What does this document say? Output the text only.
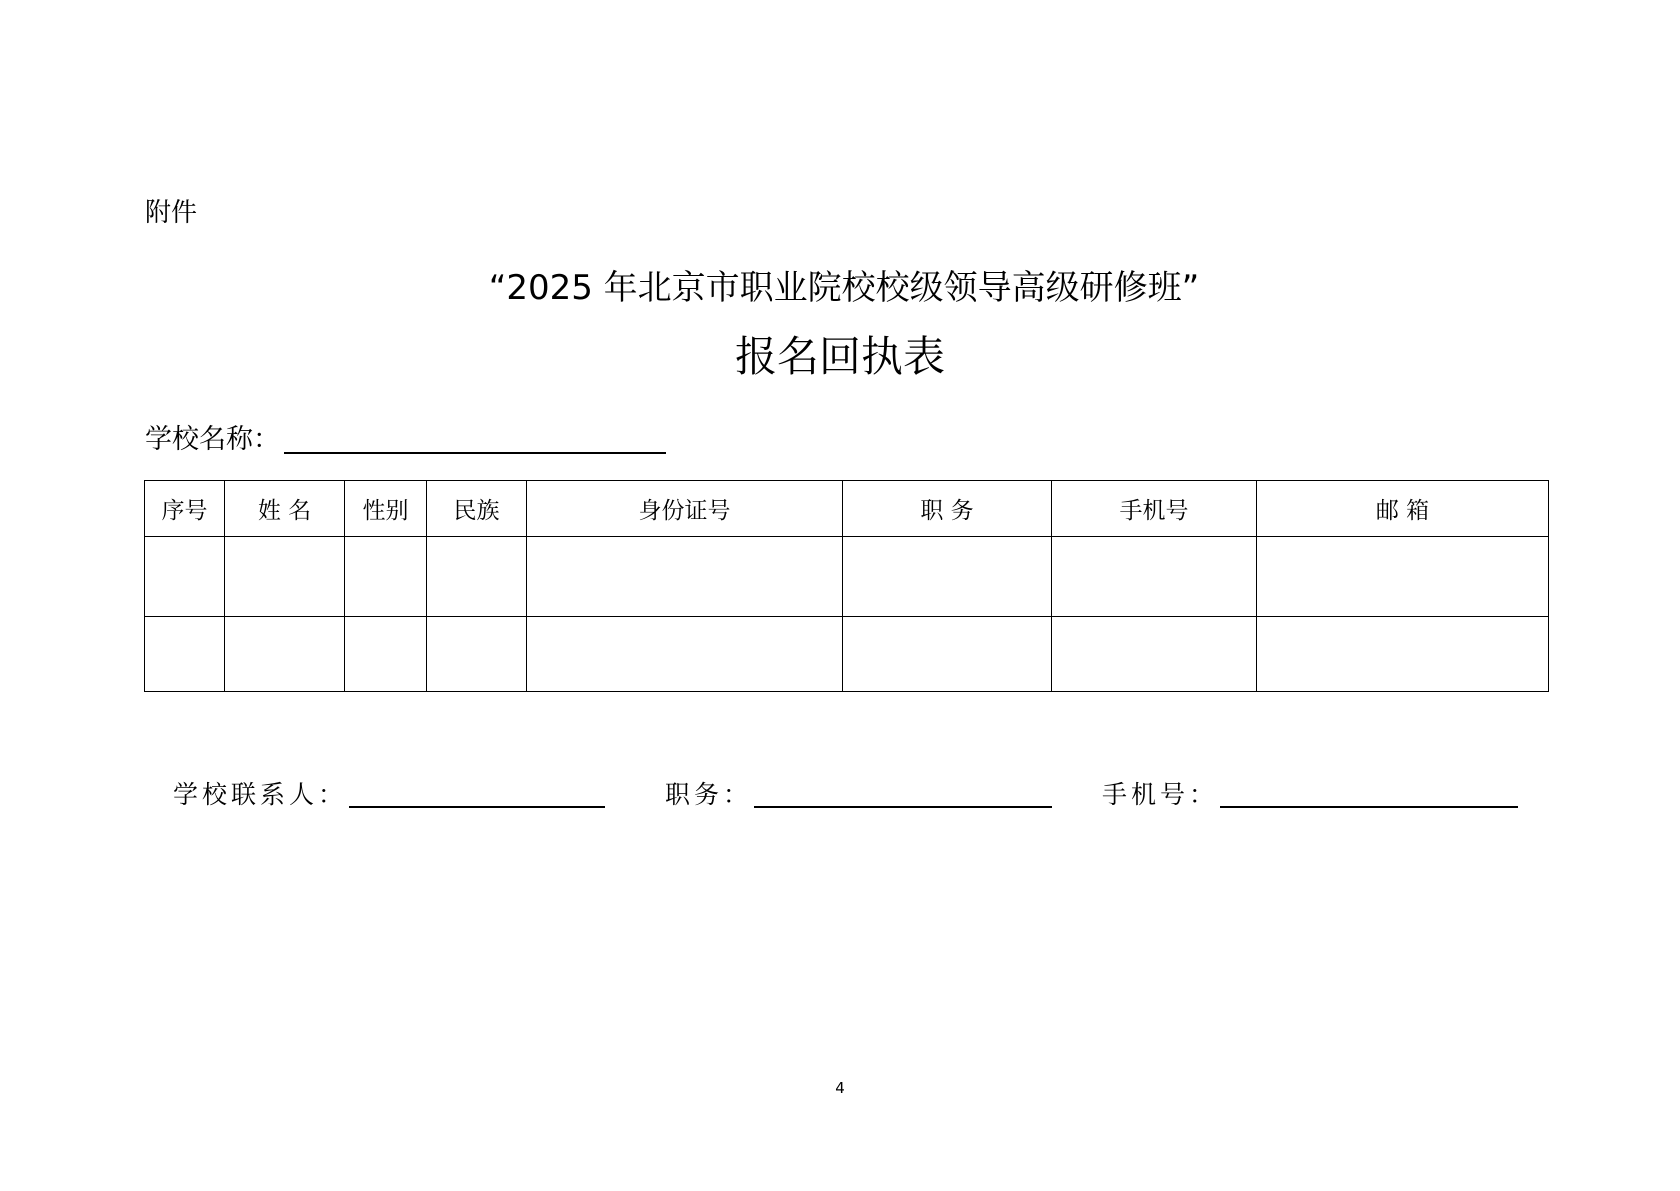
附件
“2025 年北京市职业院校校级领导高级研修班”
报名回执表
学校名称：
序号	姓 名	性别	民族	身份证号	职 务	手机号	邮 箱

学校联系人：	职务：	手机号：
4
